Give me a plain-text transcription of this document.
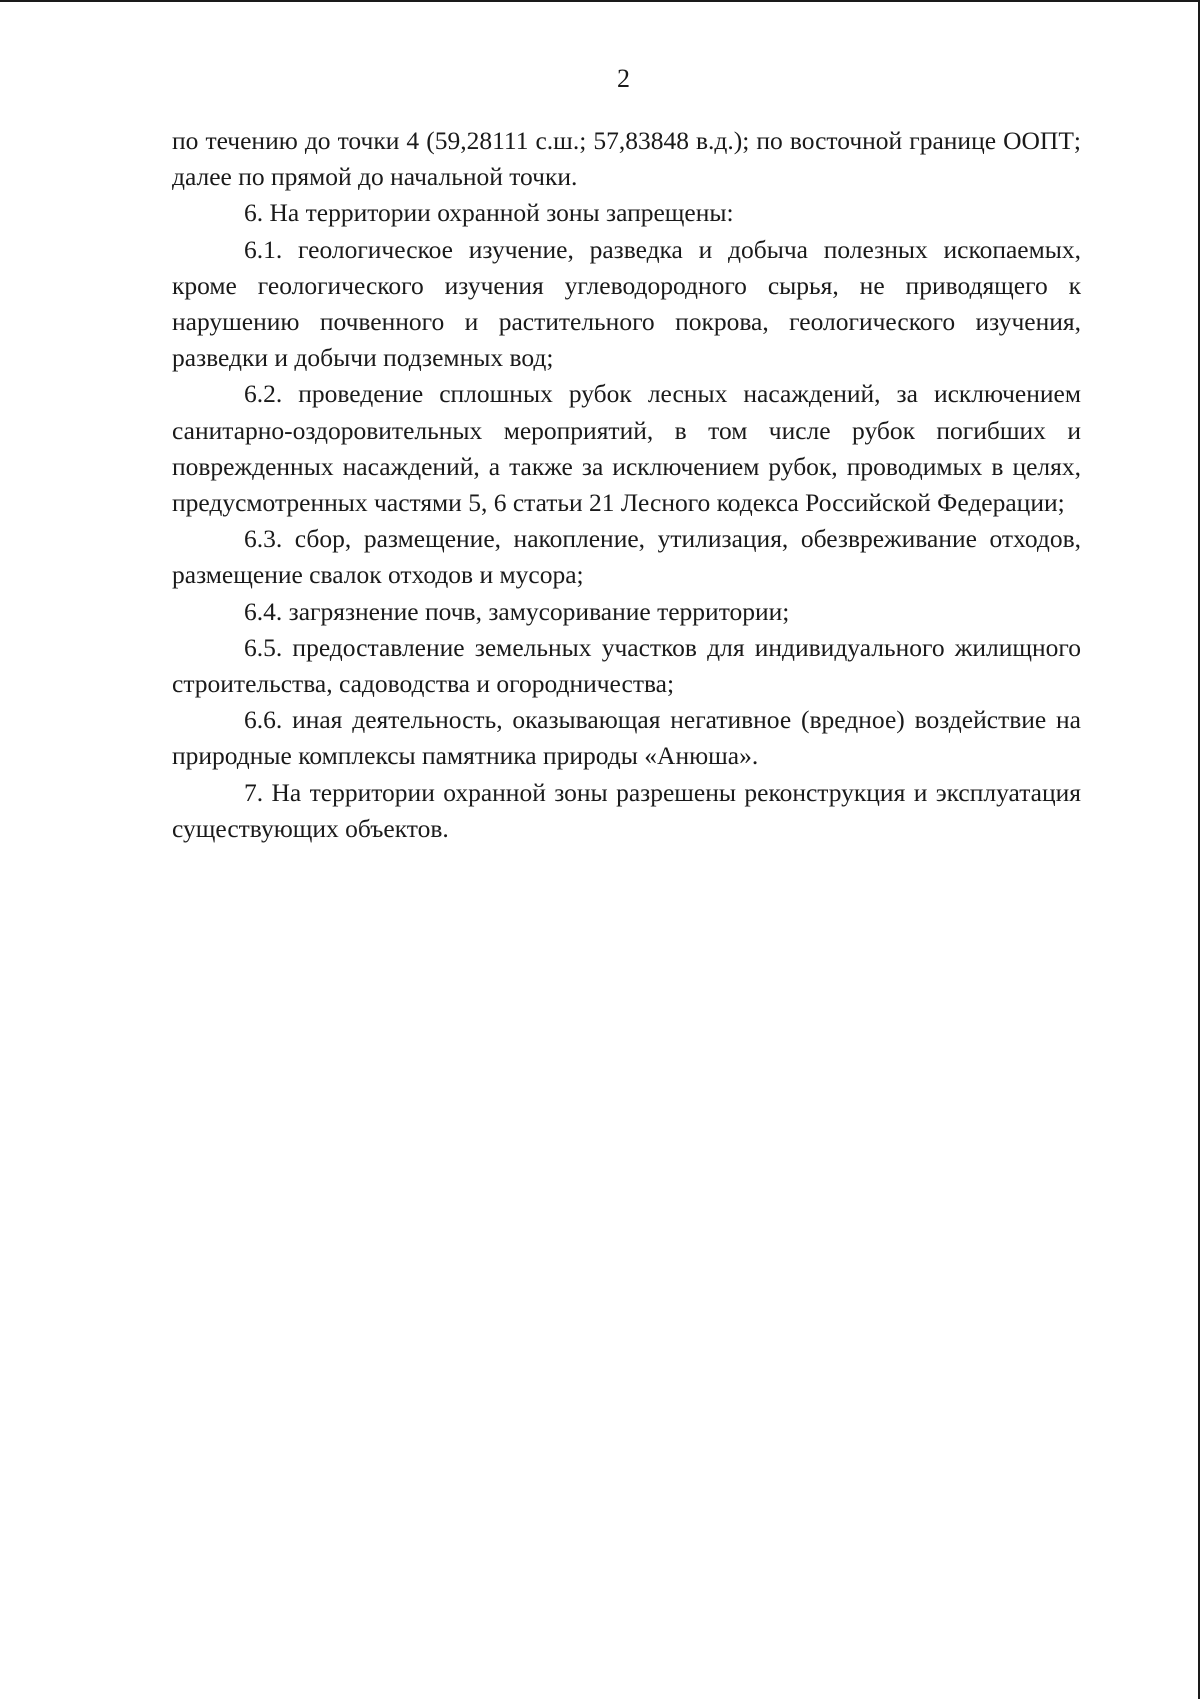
2

по течению до точки 4 (59,28111 с.ш.; 57,83848 в.д.); по восточной границе ООПТ; далее по прямой до начальной точки.

6. На территории охранной зоны запрещены:

6.1. геологическое изучение, разведка и добыча полезных ископаемых, кроме геологического изучения углеводородного сырья, не приводящего к нарушению почвенного и растительного покрова, геологического изучения, разведки и добычи подземных вод;

6.2. проведение сплошных рубок лесных насаждений, за исключением санитарно-оздоровительных мероприятий, в том числе рубок погибших и поврежденных насаждений, а также за исключением рубок, проводимых в целях, предусмотренных частями 5, 6 статьи 21 Лесного кодекса Российской Федерации;

6.3. сбор, размещение, накопление, утилизация, обезвреживание отходов, размещение свалок отходов и мусора;

6.4. загрязнение почв, замусоривание территории;

6.5. предоставление земельных участков для индивидуального жилищного строительства, садоводства и огородничества;

6.6. иная деятельность, оказывающая негативное (вредное) воздействие на природные комплексы памятника природы «Анюша».

7. На территории охранной зоны разрешены реконструкция и эксплуатация существующих объектов.
